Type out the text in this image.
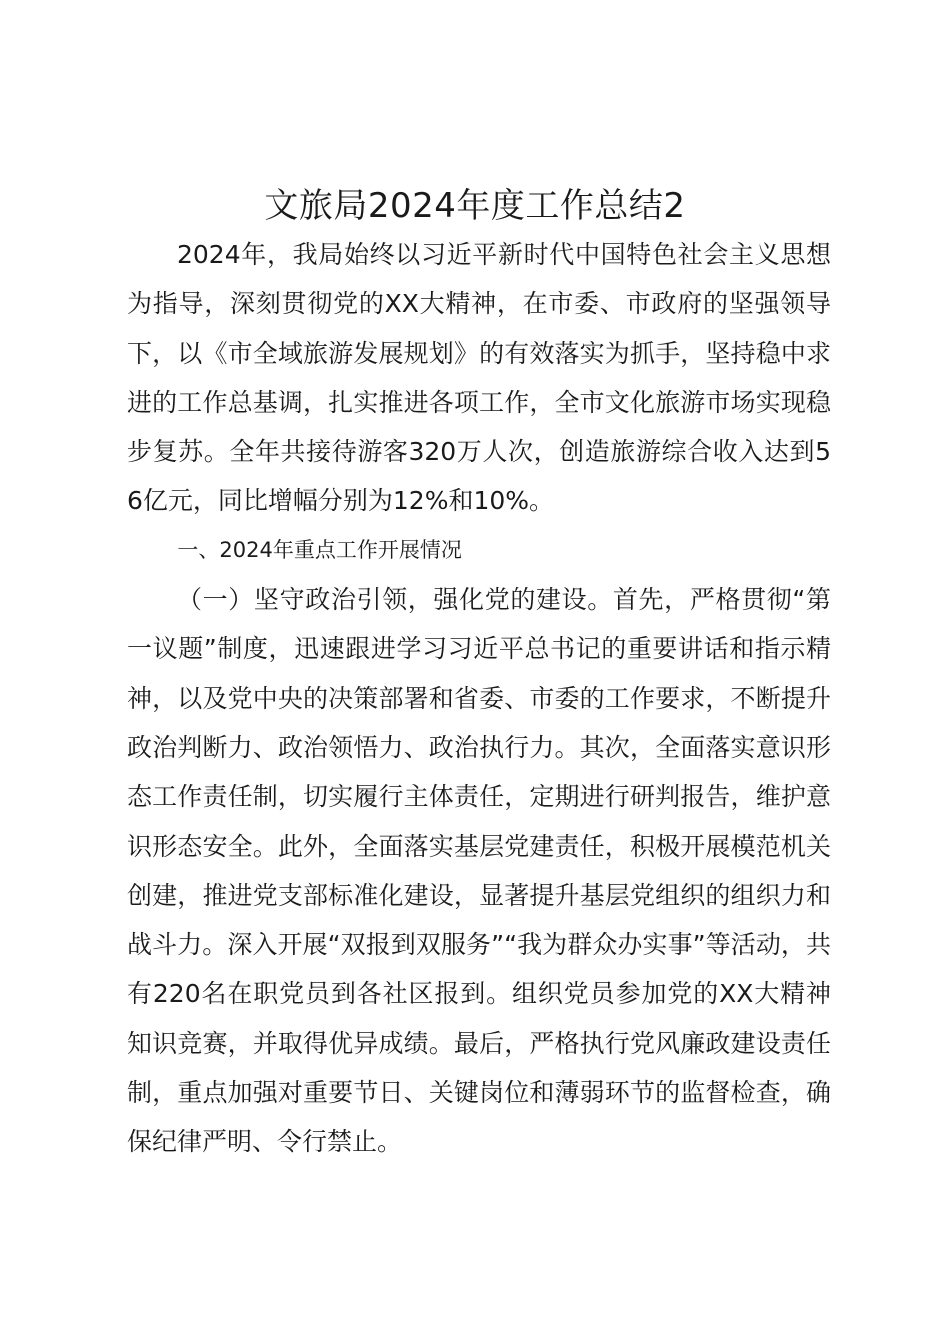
文旅局2024年度工作总结2

2024年，我局始终以习近平新时代中国特色社会主义思想为指导，深刻贯彻党的XX大精神，在市委、市政府的坚强领导下，以《市全域旅游发展规划》的有效落实为抓手，坚持稳中求进的工作总基调，扎实推进各项工作，全市文化旅游市场实现稳步复苏。全年共接待游客320万人次，创造旅游综合收入达到56亿元，同比增幅分别为12%和10%。

一、2024年重点工作开展情况

（一）坚守政治引领，强化党的建设。首先，严格贯彻“第一议题”制度，迅速跟进学习习近平总书记的重要讲话和指示精神，以及党中央的决策部署和省委、市委的工作要求，不断提升政治判断力、政治领悟力、政治执行力。其次，全面落实意识形态工作责任制，切实履行主体责任，定期进行研判报告，维护意识形态安全。此外，全面落实基层党建责任，积极开展模范机关创建，推进党支部标准化建设，显著提升基层党组织的组织力和战斗力。深入开展“双报到双服务”“我为群众办实事”等活动，共有220名在职党员到各社区报到。组织党员参加党的XX大精神知识竞赛，并取得优异成绩。最后，严格执行党风廉政建设责任制，重点加强对重要节日、关键岗位和薄弱环节的监督检查，确保纪律严明、令行禁止。
